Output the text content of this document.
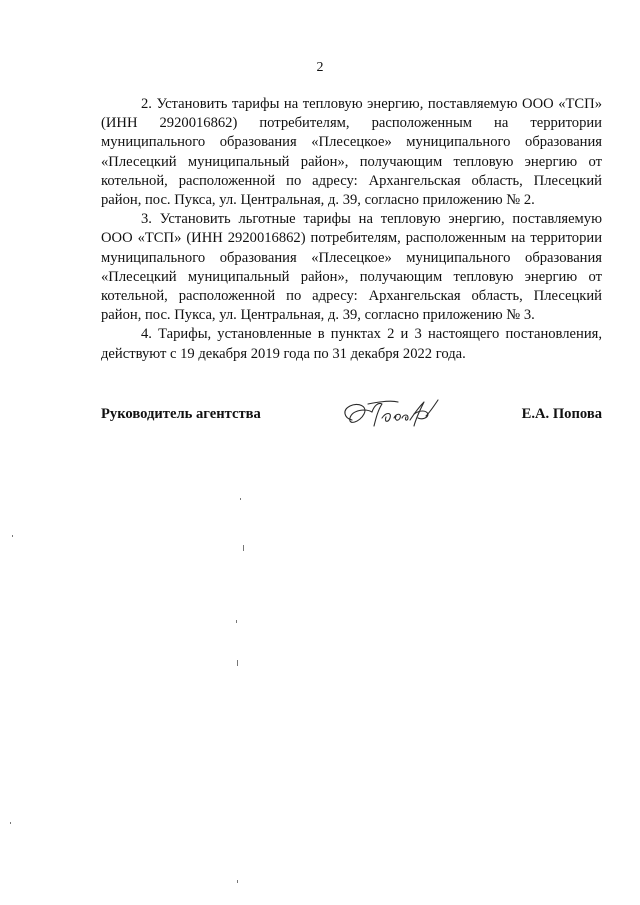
2

2. Установить тарифы на тепловую энергию, поставляемую ООО «ТСП» (ИНН 2920016862) потребителям, расположенным на территории муниципального образования «Плесецкое» муниципального образования «Плесецкий муниципальный район», получающим тепловую энергию от котельной, расположенной по адресу: Архангельская область, Плесецкий район, пос. Пукса, ул. Центральная, д. 39, согласно приложению № 2.

3. Установить льготные тарифы на тепловую энергию, поставляемую ООО «ТСП» (ИНН 2920016862) потребителям, расположенным на территории муниципального образования «Плесецкое» муниципального образования «Плесецкий муниципальный район», получающим тепловую энергию от котельной, расположенной по адресу: Архангельская область, Плесецкий район, пос. Пукса, ул. Центральная, д. 39, согласно приложению № 3.

4. Тарифы, установленные в пунктах 2 и 3 настоящего постановления, действуют с 19 декабря 2019 года по 31 декабря 2022 года.

Руководитель агентства	Е.А. Попова
